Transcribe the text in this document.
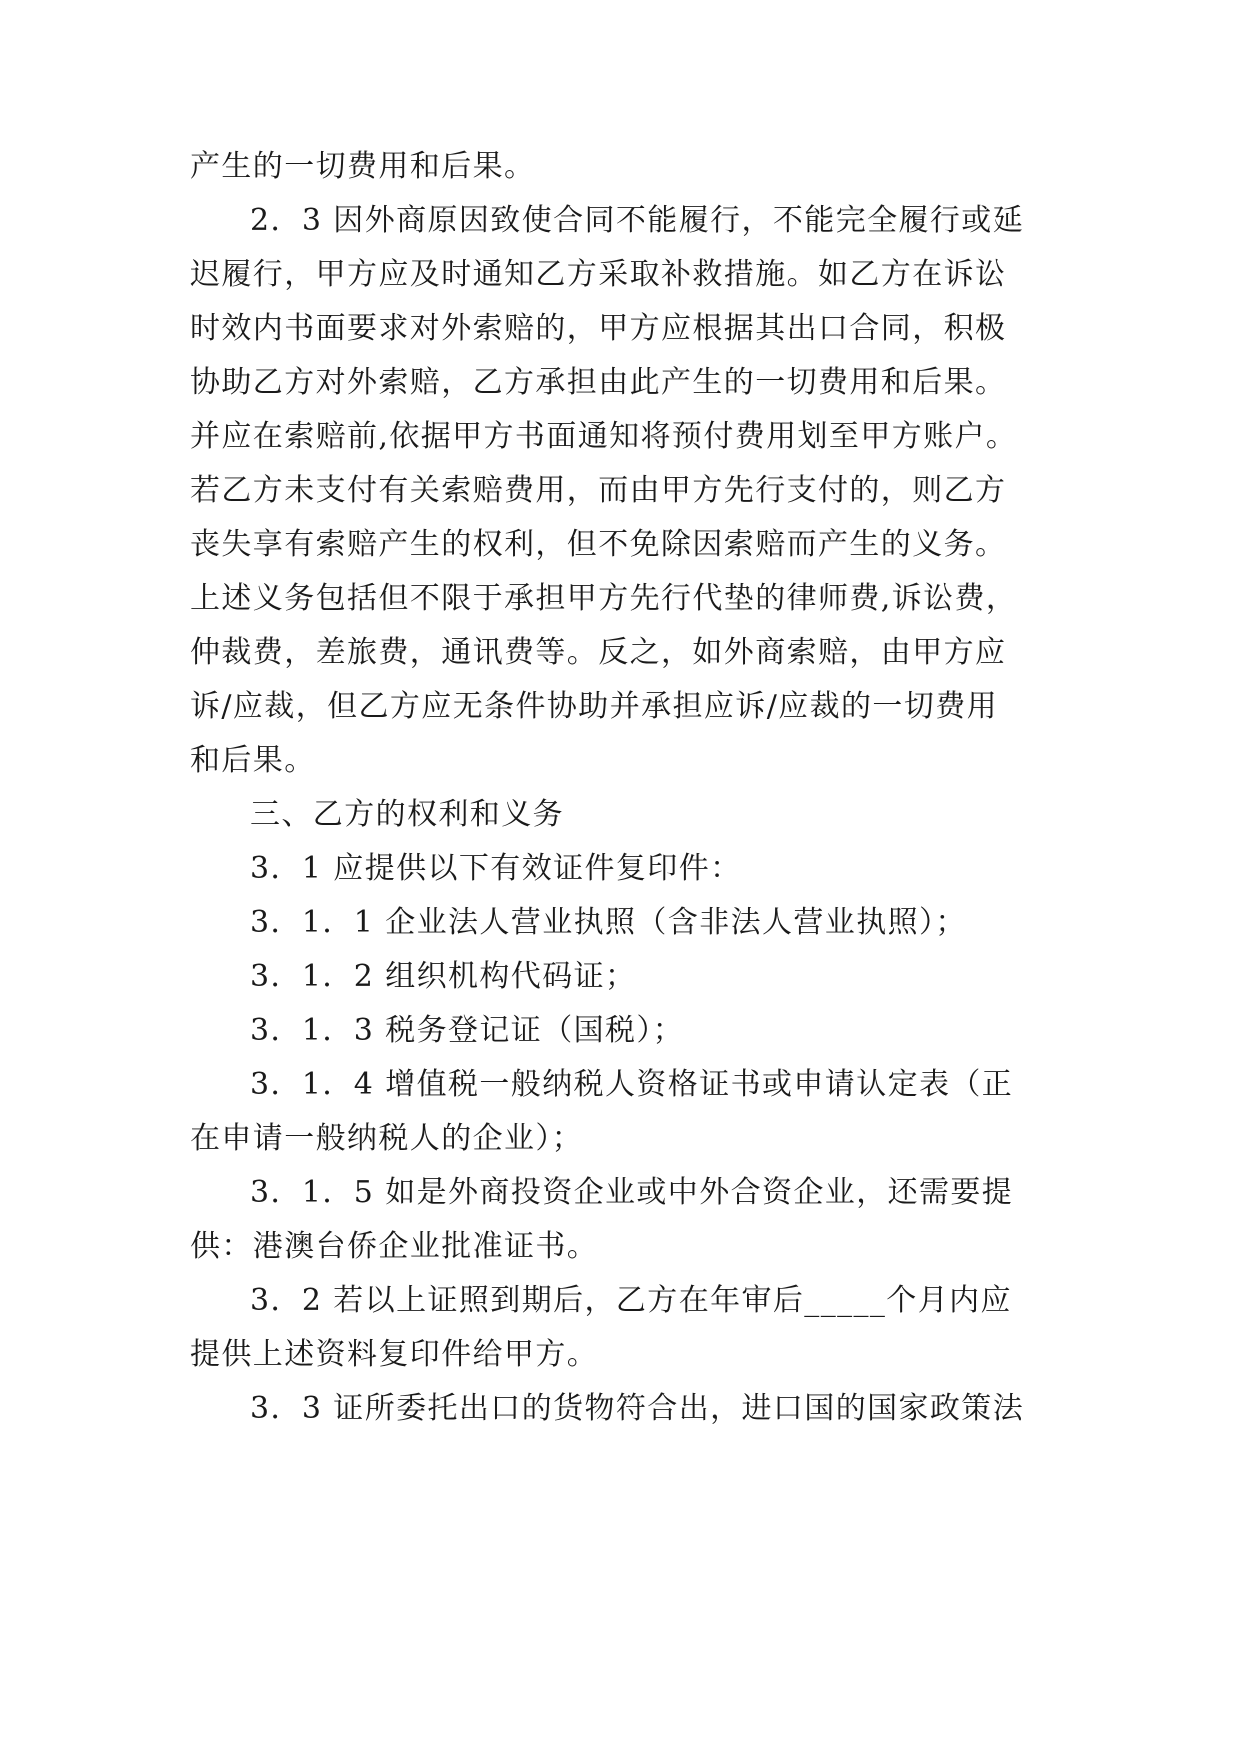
产生的一切费用和后果。
2．3 因外商原因致使合同不能履行，不能完全履行或延
迟履行，甲方应及时通知乙方采取补救措施。如乙方在诉讼
时效内书面要求对外索赔的，甲方应根据其出口合同，积极
协助乙方对外索赔，乙方承担由此产生的一切费用和后果。
并应在索赔前,依据甲方书面通知将预付费用划至甲方账户。
若乙方未支付有关索赔费用，而由甲方先行支付的，则乙方
丧失享有索赔产生的权利，但不免除因索赔而产生的义务。
上述义务包括但不限于承担甲方先行代垫的律师费,诉讼费，
仲裁费，差旅费，通讯费等。反之，如外商索赔，由甲方应
诉/应裁，但乙方应无条件协助并承担应诉/应裁的一切费用
和后果。
三、乙方的权利和义务
3．1 应提供以下有效证件复印件：
3．1．1 企业法人营业执照（含非法人营业执照）；
3．1．2 组织机构代码证；
3．1．3 税务登记证（国税）；
3．1．4 增值税一般纳税人资格证书或申请认定表（正
在申请一般纳税人的企业）；
3．1．5 如是外商投资企业或中外合资企业，还需要提
供：港澳台侨企业批准证书。
3．2 若以上证照到期后，乙方在年审后_____个月内应
提供上述资料复印件给甲方。
3．3 证所委托出口的货物符合出，进口国的国家政策法
